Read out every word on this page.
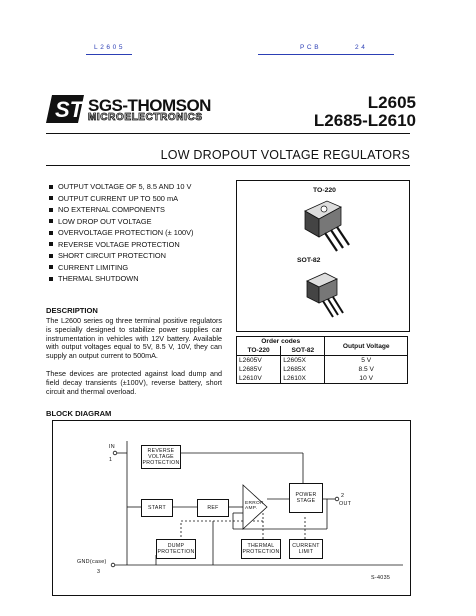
L2605	PCB	24
ST SGS-THOMSON
MICROELECTRONICS
L2605
L2685-L2610
LOW DROPOUT VOLTAGE REGULATORS
OUTPUT VOLTAGE OF 5, 8.5 AND 10 V
OUTPUT CURRENT UP TO 500 mA
NO EXTERNAL COMPONENTS
LOW DROP OUT VOLTAGE
OVERVOLTAGE PROTECTION (± 100V)
REVERSE VOLTAGE PROTECTION
SHORT CIRCUIT PROTECTION
CURRENT LIMITING
THERMAL SHUTDOWN
TO-220
SOT-82
DESCRIPTION
The L2600 series og three terminal positive regulators is specially designed to stabilize power supplies car instrumentation in vehicles with 12V battery. Available with output voltages equal to 5V, 8.5 V, 10V, they can supply an output current to 500mA.
These devices are protected against load dump and field decay transients (±100V), reverse battery, short circuit and thermal overload.
Order codes		Output Voltage
TO-220	SOT-82	
L2605V	L2605X	5 V
L2685V	L2685X	8.5 V
L2610V	L2610X	10 V
BLOCK DIAGRAM
IN
1
2
OUT
GND(case)
3
REVERSE VOLTAGE PROTECTION
START	REF
ERROR AMP.
POWER STAGE
DUMP PROTECTION
THERMAL PROTECTION
CURRENT LIMIT
S-4035
